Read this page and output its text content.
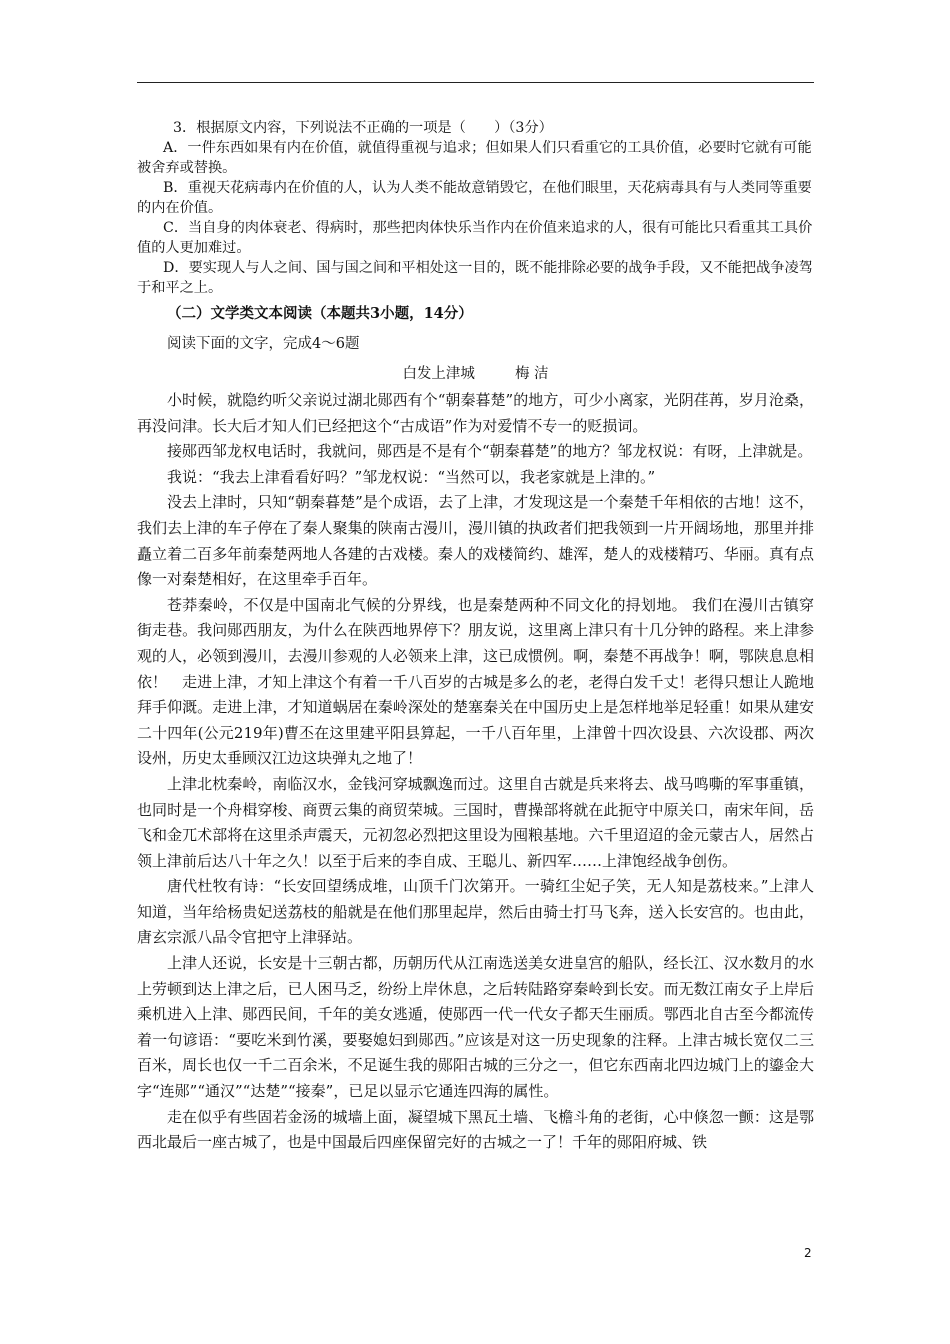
3．根据原文内容，下列说法不正确的一项是（　　）（3分）

A．一件东西如果有内在价值，就值得重视与追求；但如果人们只看重它的工具价值，必要时它就有可能被舍弃或替换。

B．重视天花病毒内在价值的人，认为人类不能故意销毁它，在他们眼里，天花病毒具有与人类同等重要的内在价值。

C．当自身的肉体衰老、得病时，那些把肉体快乐当作内在价值来追求的人，很有可能比只看重其工具价值的人更加难过。

D．要实现人与人之间、国与国之间和平相处这一目的，既不能排除必要的战争手段，又不能把战争凌驾于和平之上。

（二）文学类文本阅读（本题共3小题，14分）

阅读下面的文字，完成4～6题

白发上津城	梅 洁

小时候，就隐约听父亲说过湖北郧西有个“朝秦暮楚”的地方，可少小离家，光阴荏苒，岁月沧桑，再没问津。长大后才知人们已经把这个“古成语”作为对爱情不专一的贬损词。

接郧西邹龙权电话时，我就问，郧西是不是有个“朝秦暮楚”的地方？邹龙权说：有呀，上津就是。

我说：“我去上津看看好吗？”邹龙权说：“当然可以，我老家就是上津的。”

没去上津时，只知“朝秦暮楚”是个成语，去了上津，才发现这是一个秦楚千年相依的古地！这不，我们去上津的车子停在了秦人聚集的陕南古漫川，漫川镇的执政者们把我领到一片开阔场地，那里并排矗立着二百多年前秦楚两地人各建的古戏楼。秦人的戏楼简约、雄浑，楚人的戏楼精巧、华丽。真有点像一对秦楚相好，在这里牵手百年。

苍莽秦岭，不仅是中国南北气候的分界线，也是秦楚两种不同文化的挦划地。 我们在漫川古镇穿街走巷。我问郧西朋友，为什么在陕西地界停下？朋友说，这里离上津只有十几分钟的路程。来上津参观的人，必领到漫川，去漫川参观的人必领来上津，这已成惯例。啊，秦楚不再战争！啊，鄂陕息息相依！　走进上津，才知上津这个有着一千八百岁的古城是多么的老，老得白发千丈！老得只想让人跪地拜手仰溉。走进上津，才知道蜗居在秦岭深处的楚塞秦关在中国历史上是怎样地举足轻重！如果从建安二十四年(公元219年)曹丕在这里建平阳县算起，一千八百年里，上津曾十四次设县、六次设郡、两次设州，历史太垂顾汉江边这块弹丸之地了！

上津北枕秦岭，南临汉水，金钱河穿城飘逸而过。这里自古就是兵来将去、战马鸣嘶的军事重镇，也同时是一个舟楫穿梭、商贾云集的商贸荣城。三国时，曹操部将就在此扼守中原关口，南宋年间，岳飞和金兀术部将在这里杀声震天，元初忽必烈把这里设为囤粮基地。六千里迢迢的金元蒙古人，居然占领上津前后达八十年之久！以至于后来的李自成、王聪儿、新四军……上津饱经战争创伤。

唐代杜牧有诗：“长安回望绣成堆，山顶千门次第开。一骑红尘妃子笑，无人知是荔枝来。”上津人知道，当年给杨贵妃送荔枝的船就是在他们那里起岸，然后由骑士打马飞奔，送入长安宫的。也由此，唐玄宗派八品令官把守上津驿站。

上津人还说，长安是十三朝古都，历朝历代从江南选送美女进皇宫的船队，经长江、汉水数月的水上劳顿到达上津之后，已人困马乏，纷纷上岸休息，之后转陆路穿秦岭到长安。而无数江南女子上岸后乘机进入上津、郧西民间，千年的美女逃遁，使郧西一代一代女子都天生丽质。鄂西北自古至今都流传着一句谚语：“要吃米到竹溪，要娶媳妇到郧西。”应该是对这一历史现象的注释。上津古城长宽仅二三百米，周长也仅一千二百余米，不足诞生我的郧阳古城的三分之一，但它东西南北四边城门上的鎏金大字“连郧”“通汉”“达楚”“接秦”，已足以显示它通连四海的属性。

走在似乎有些固若金汤的城墙上面，凝望城下黑瓦土墙、飞檐斗角的老街，心中倏忽一颤：这是鄂西北最后一座古城了，也是中国最后四座保留完好的古城之一了！千年的郧阳府城、铁

2
